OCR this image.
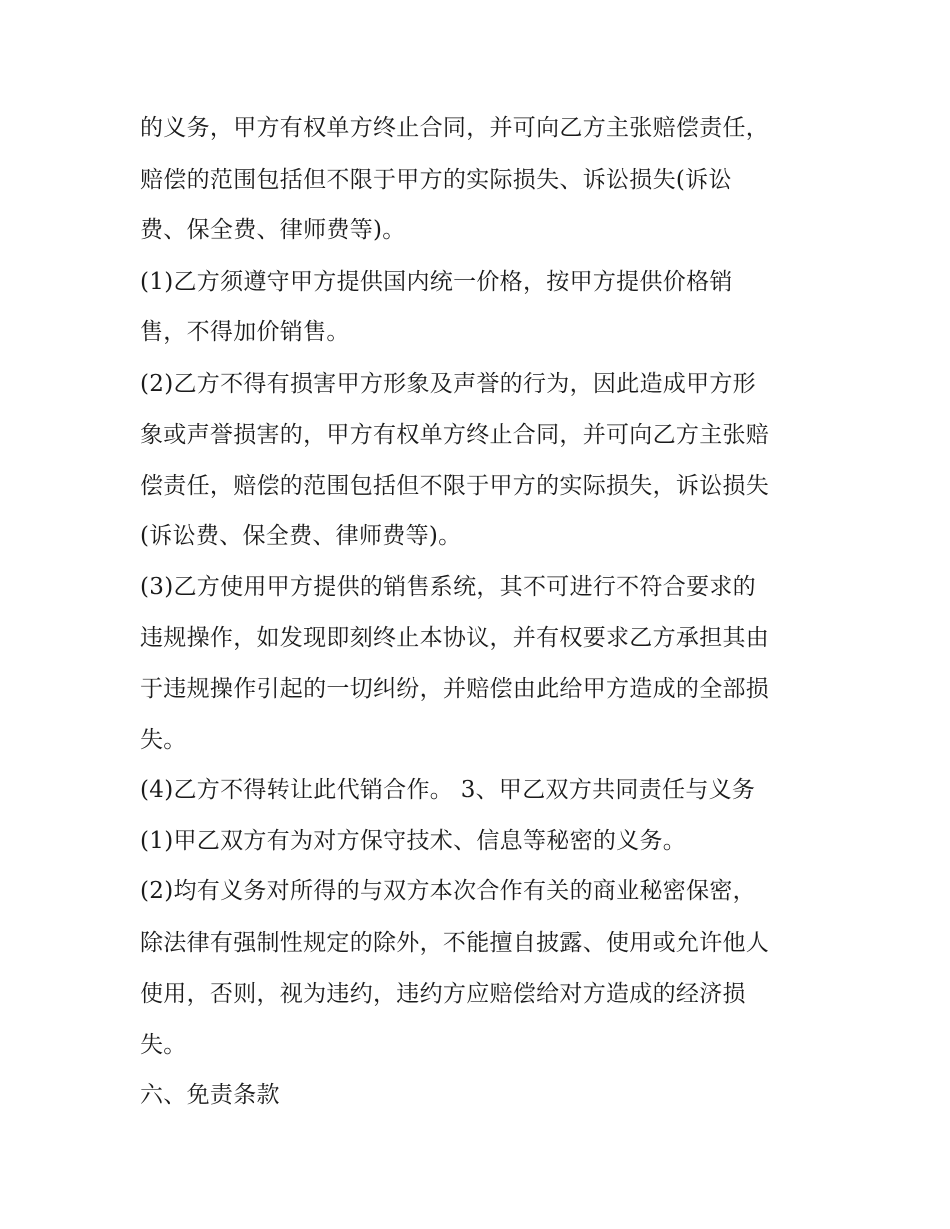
的义务，甲方有权单方终止合同，并可向乙方主张赔偿责任，

赔偿的范围包括但不限于甲方的实际损失、诉讼损失(诉讼

费、保全费、律师费等)。

(1)乙方须遵守甲方提供国内统一价格，按甲方提供价格销

售，不得加价销售。

(2)乙方不得有损害甲方形象及声誉的行为，因此造成甲方形

象或声誉损害的，甲方有权单方终止合同，并可向乙方主张赔

偿责任，赔偿的范围包括但不限于甲方的实际损失，诉讼损失

(诉讼费、保全费、律师费等)。

(3)乙方使用甲方提供的销售系统，其不可进行不符合要求的

违规操作，如发现即刻终止本协议，并有权要求乙方承担其由

于违规操作引起的一切纠纷，并赔偿由此给甲方造成的全部损

失。

(4)乙方不得转让此代销合作。 3、甲乙双方共同责任与义务

(1)甲乙双方有为对方保守技术、信息等秘密的义务。

(2)均有义务对所得的与双方本次合作有关的商业秘密保密，

除法律有强制性规定的除外，不能擅自披露、使用或允许他人

使用，否则，视为违约，违约方应赔偿给对方造成的经济损

失。

六、免责条款
